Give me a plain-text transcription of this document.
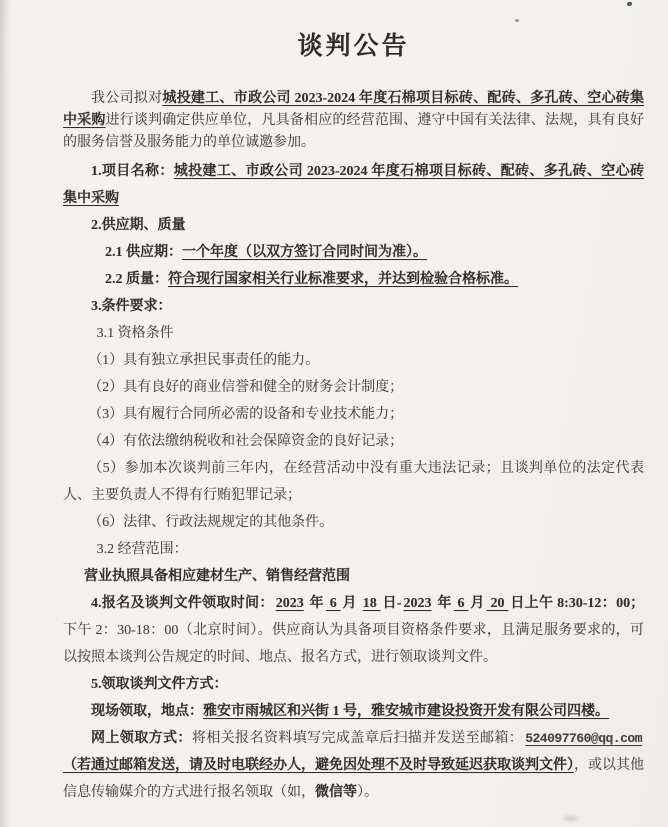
谈判公告

我公司拟对城投建工、市政公司 2023-2024 年度石棉项目标砖、配砖、多孔砖、空心砖集中采购进行谈判确定供应单位，凡具备相应的经营范围、遵守中国有关法律、法规，具有良好的服务信誉及服务能力的单位诚邀参加。

1.项目名称：城投建工、市政公司 2023-2024 年度石棉项目标砖、配砖、多孔砖、空心砖集中采购

2.供应期、质量

2.1 供应期：一个年度（以双方签订合同时间为准）。

2.2 质量：符合现行国家相关行业标准要求，并达到检验合格标准。

3.条件要求：

3.1 资格条件

（1）具有独立承担民事责任的能力。

（2）具有良好的商业信誉和健全的财务会计制度；

（3）具有履行合同所必需的设备和专业技术能力；

（4）有依法缴纳税收和社会保障资金的良好记录；

（5）参加本次谈判前三年内，在经营活动中没有重大违法记录；且谈判单位的法定代表人、主要负责人不得有行贿犯罪记录；

（6）法律、行政法规规定的其他条件。

3.2 经营范围：

营业执照具备相应建材生产、销售经营范围

4.报名及谈判文件领取时间： 2023 年 6 月 18 日- 2023 年 6 月 20 日上午 8:30-12：00；下午 2：30-18：00（北京时间）。供应商认为具备项目资格条件要求，且满足服务要求的，可以按照本谈判公告规定的时间、地点、报名方式，进行领取谈判文件。

5.领取谈判文件方式：

现场领取，地点：雅安市雨城区和兴街 1 号，雅安城市建设投资开发有限公司四楼。

网上领取方式：将相关报名资料填写完成盖章后扫描并发送至邮箱： 524097760@qq.com（若通过邮箱发送，请及时电联经办人，避免因处理不及时导致延迟获取谈判文件），或以其他信息传输媒介的方式进行报名领取（如，微信等）。
